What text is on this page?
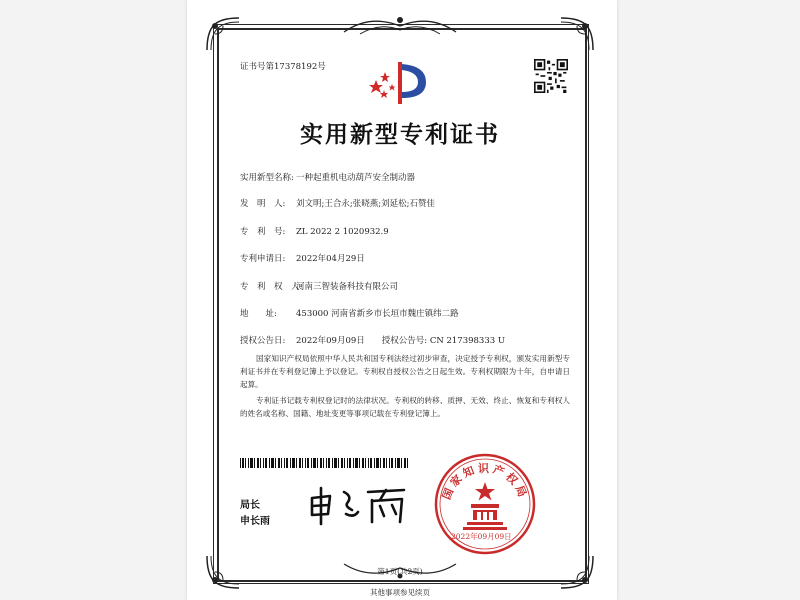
证书号第17378192号
实用新型专利证书
实用新型名称: 一种起重机电动葫芦安全制动器
发　明　人: 刘文明;王合永;张晓燕;刘延松;石赞佳
专　利　号: ZL 2022 2 1020932.9
专利申请日: 2022年04月29日
专　利　权　人:河南三智装备科技有限公司
地　　址: 453000 河南省新乡市长垣市魏庄镇纬二路
授权公告日: 2022年09月09日　　授权公告号: CN 217398333 U
国家知识产权局依照中华人民共和国专利法经过初步审查，决定授予专利权，颁发实用新型专利证书并在专利登记簿上予以登记。专利权自授权公告之日起生效。专利权期限为十年，自申请日起算。
专利证书记载专利权登记时的法律状况。专利权的转移、质押、无效、终止、恢复和专利权人的姓名或名称、国籍、地址变更等事项记载在专利登记簿上。
局长
申长雨
国家知识产权局
2022年09月09日
第1页(共2页)
其他事项参见续页
